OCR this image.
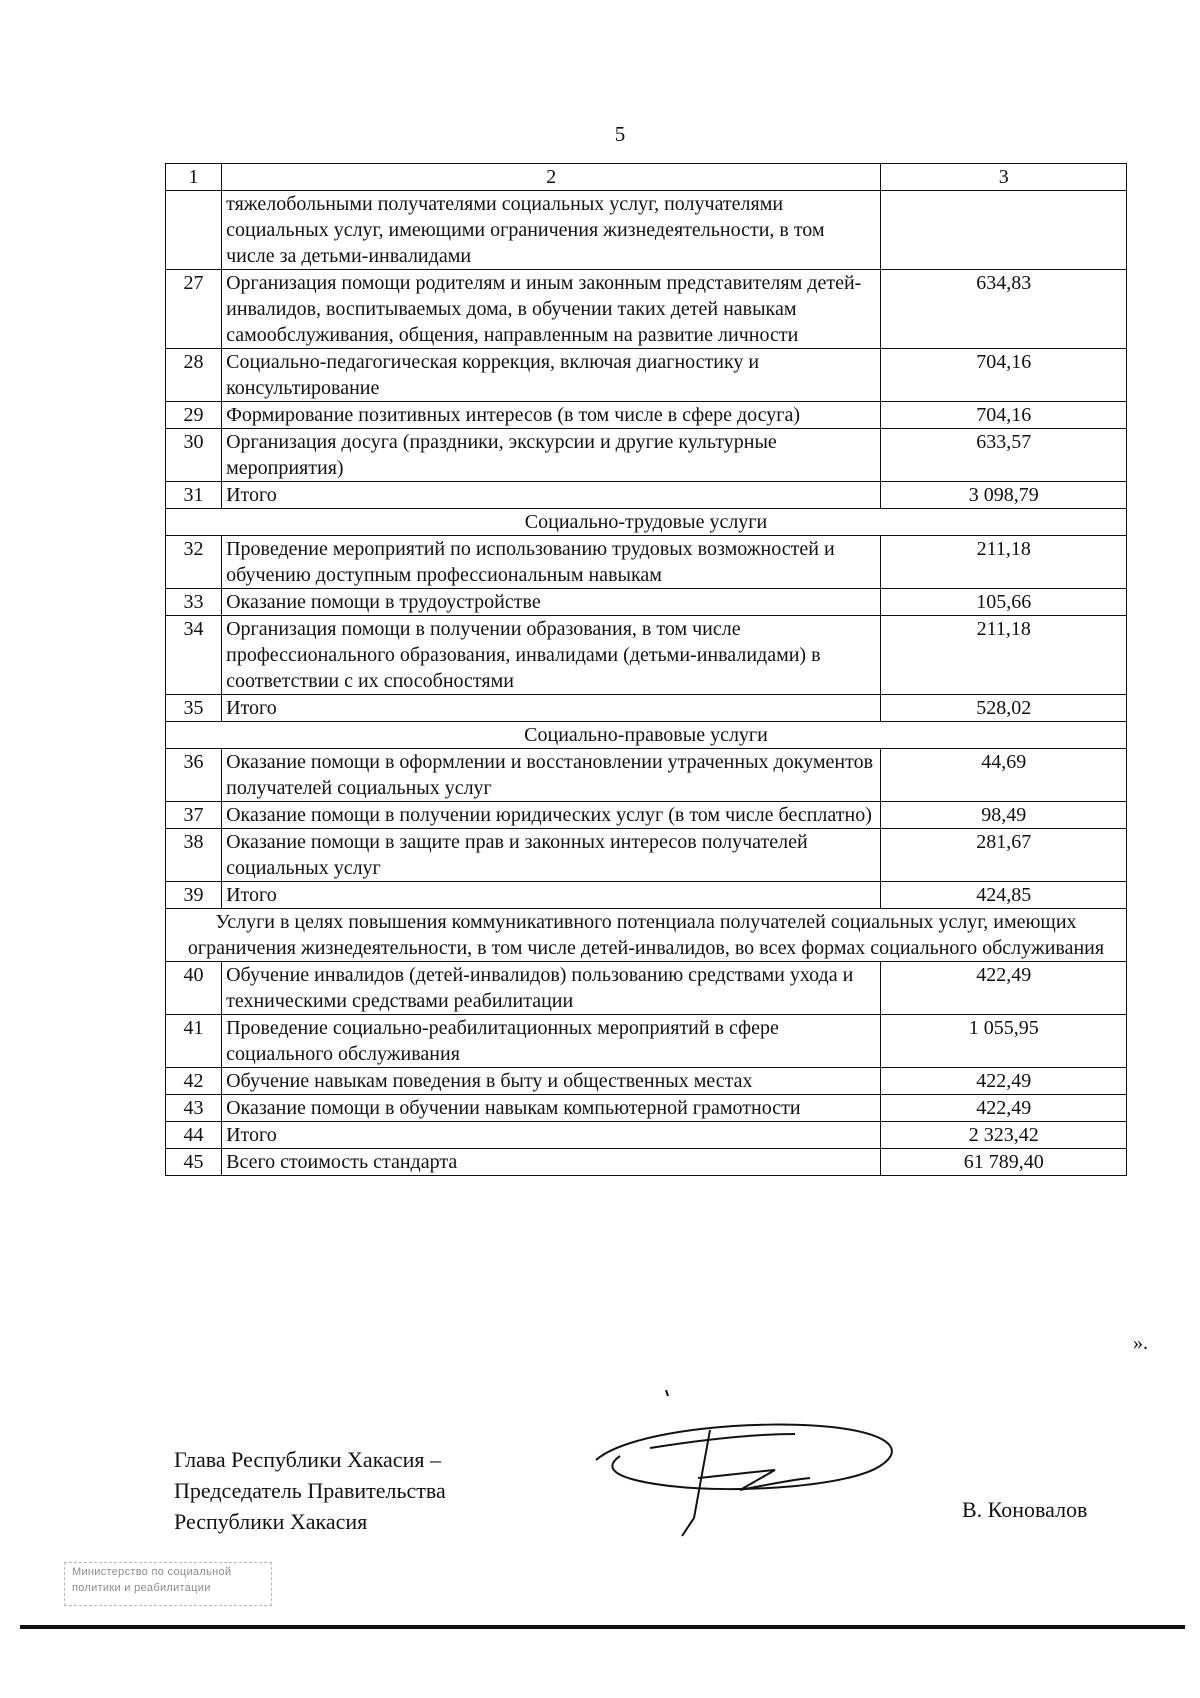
5
1	2	3
	тяжелобольными получателями социальных услуг, получателями социальных услуг, имеющими ограничения жизнедеятельности, в том числе за детьми-инвалидами	
27	Организация помощи родителям и иным законным представителям детей-инвалидов, воспитываемых дома, в обучении таких детей навыкам самообслуживания, общения, направленным на развитие личности	634,83
28	Социально-педагогическая коррекция, включая диагностику и консультирование	704,16
29	Формирование позитивных интересов (в том числе в сфере досуга)	704,16
30	Организация досуга (праздники, экскурсии и другие культурные мероприятия)	633,57
31	Итого	3 098,79
Социально-трудовые услуги		
32	Проведение мероприятий по использованию трудовых возможностей и обучению доступным профессиональным навыкам	211,18
33	Оказание помощи в трудоустройстве	105,66
34	Организация помощи в получении образования, в том числе профессионального образования, инвалидами (детьми-инвалидами) в соответствии с их способностями	211,18
35	Итого	528,02
Социально-правовые услуги		
36	Оказание помощи в оформлении и восстановлении утраченных документов получателей социальных услуг	44,69
37	Оказание помощи в получении юридических услуг (в том числе бесплатно)	98,49
38	Оказание помощи в защите прав и законных интересов получателей социальных услуг	281,67
39	Итого	424,85
Услуги в целях повышения коммуникативного потенциала получателей социальных услуг, имеющих ограничения жизнедеятельности, в том числе детей-инвалидов, во всех формах социального обслуживания		
40	Обучение инвалидов (детей-инвалидов) пользованию средствами ухода и техническими средствами реабилитации	422,49
41	Проведение социально-реабилитационных мероприятий в сфере социального обслуживания	1 055,95
42	Обучение навыкам поведения в быту и общественных местах	422,49
43	Оказание помощи в обучении навыкам компьютерной грамотности	422,49
44	Итого	2 323,42
45	Всего стоимость стандарта	61 789,40
».
Глава Республики Хакасия –
Председатель Правительства
Республики Хакасия	В. Коновалов
Министерство по социальной
политики и реабилитации
